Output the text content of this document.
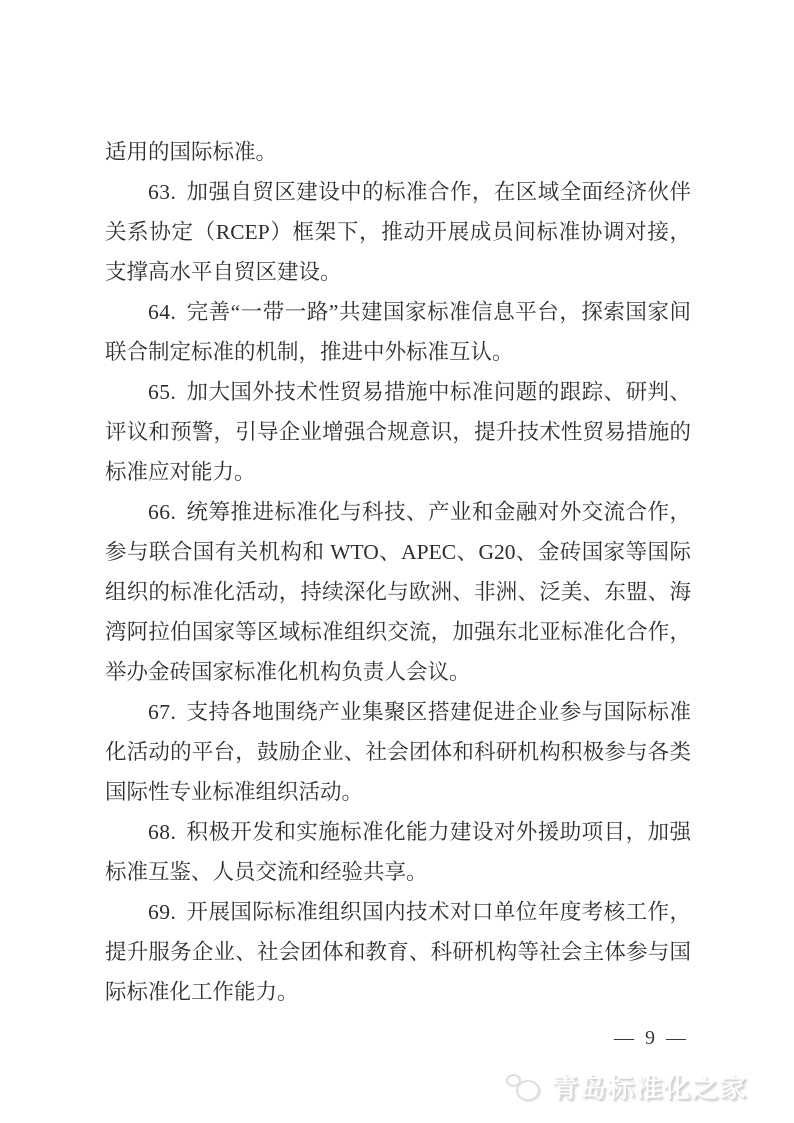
适用的国际标准。

63. 加强自贸区建设中的标准合作，在区域全面经济伙伴关系协定（RCEP）框架下，推动开展成员间标准协调对接，支撑高水平自贸区建设。

64. 完善“一带一路”共建国家标准信息平台，探索国家间联合制定标准的机制，推进中外标准互认。

65. 加大国外技术性贸易措施中标准问题的跟踪、研判、评议和预警，引导企业增强合规意识，提升技术性贸易措施的标准应对能力。

66. 统筹推进标准化与科技、产业和金融对外交流合作，参与联合国有关机构和 WTO、APEC、G20、金砖国家等国际组织的标准化活动，持续深化与欧洲、非洲、泛美、东盟、海湾阿拉伯国家等区域标准组织交流，加强东北亚标准化合作，举办金砖国家标准化机构负责人会议。

67. 支持各地围绕产业集聚区搭建促进企业参与国际标准化活动的平台，鼓励企业、社会团体和科研机构积极参与各类国际性专业标准组织活动。

68. 积极开发和实施标准化能力建设对外援助项目，加强标准互鉴、人员交流和经验共享。

69. 开展国际标准组织国内技术对口单位年度考核工作，提升服务企业、社会团体和教育、科研机构等社会主体参与国际标准化工作能力。

— 9 —
青岛标准化之家
